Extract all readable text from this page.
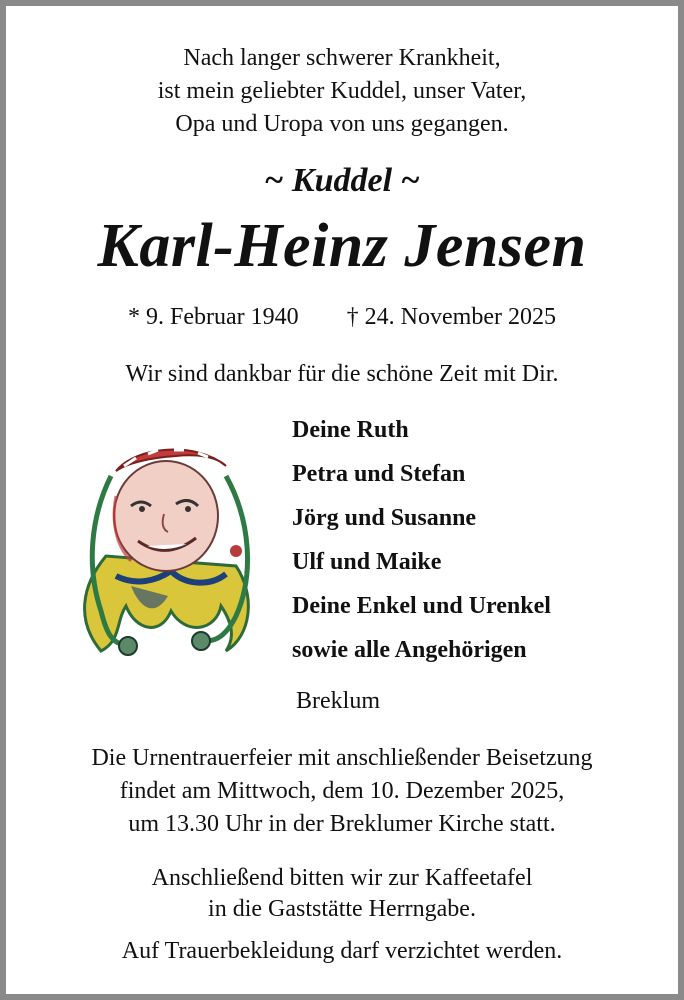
Nach langer schwerer Krankheit,
ist mein geliebter Kuddel, unser Vater,
Opa und Uropa von uns gegangen.
~ Kuddel ~
Karl-Heinz Jensen
* 9. Februar 1940 † 24. November 2025
Wir sind dankbar für die schöne Zeit mit Dir.
Deine Ruth
Petra und Stefan
Jörg und Susanne
Ulf und Maike
Deine Enkel und Urenkel
sowie alle Angehörigen
Breklum
Die Urnentrauerfeier mit anschließender Beisetzung
findet am Mittwoch, dem 10. Dezember 2025,
um 13.30 Uhr in der Breklumer Kirche statt.
Anschließend bitten wir zur Kaffeetafel
in die Gaststätte Herrngabe.
Auf Trauerbekleidung darf verzichtet werden.
